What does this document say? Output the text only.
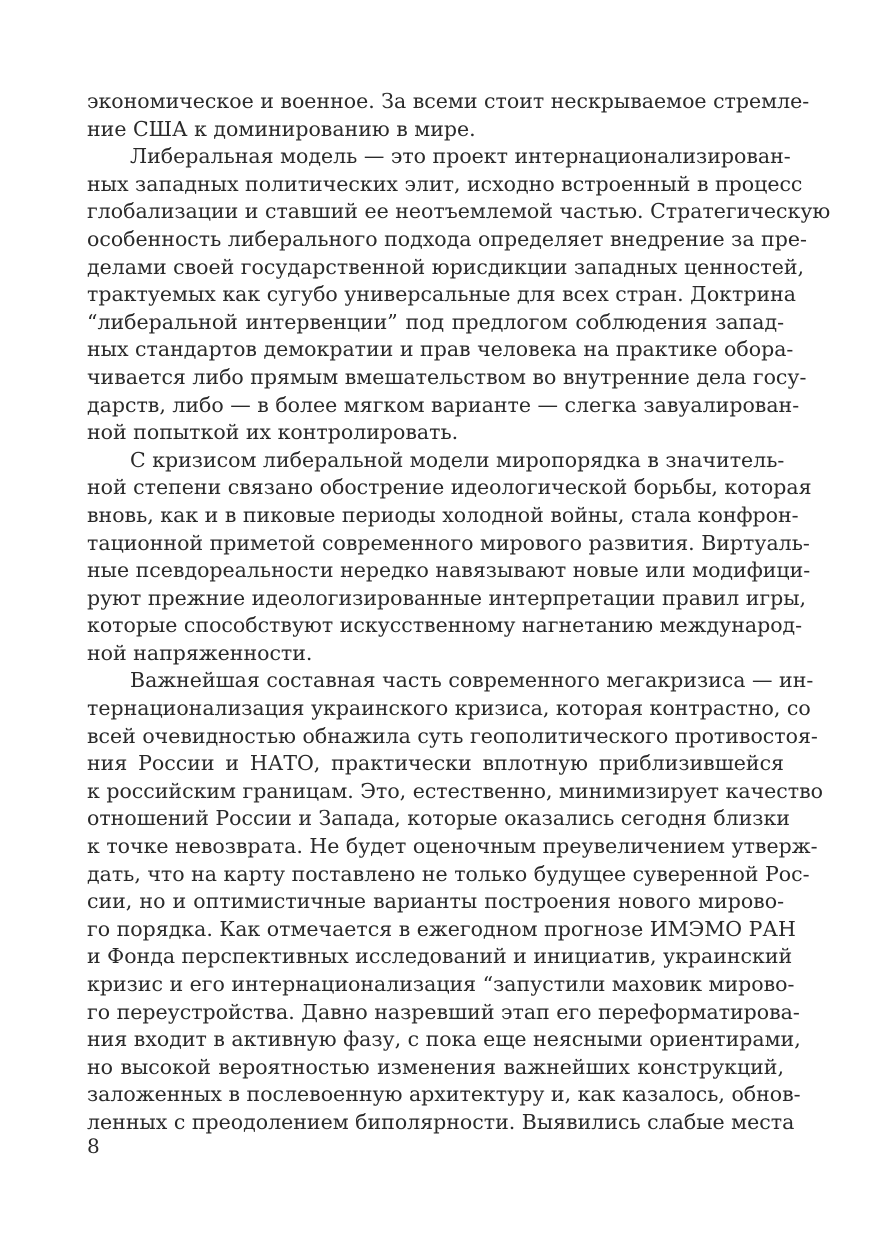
экономическое и военное. За всеми стоит нескрываемое стремле-
ние США к доминированию в мире.

Либеральная модель — это проект интернационализирован-
ных западных политических элит, исходно встроенный в процесс
глобализации и ставший ее неотъемлемой частью. Стратегическую
особенность либерального подхода определяет внедрение за пре-
делами своей государственной юрисдикции западных ценностей,
трактуемых как сугубо универсальные для всех стран. Доктрина
“либеральной интервенции” под предлогом соблюдения запад-
ных стандартов демократии и прав человека на практике обора-
чивается либо прямым вмешательством во внутренние дела госу-
дарств, либо — в более мягком варианте — слегка завуалирован-
ной попыткой их контролировать.

С кризисом либеральной модели миропорядка в значитель-
ной степени связано обострение идеологической борьбы, которая
вновь, как и в пиковые периоды холодной войны, стала конфрон-
тационной приметой современного мирового развития. Виртуаль-
ные псевдореальности нередко навязывают новые или модифици-
руют прежние идеологизированные интерпретации правил игры,
которые способствуют искусственному нагнетанию международ-
ной напряженности.

Важнейшая составная часть современного мегакризиса — ин-
тернационализация украинского кризиса, которая контрастно, со
всей очевидностью обнажила суть геополитического противостоя-
ния России и НАТО, практически вплотную приблизившейся
к российским границам. Это, естественно, минимизирует качество
отношений России и Запада, которые оказались сегодня близки
к точке невозврата. Не будет оценочным преувеличением утверж-
дать, что на карту поставлено не только будущее суверенной Рос-
сии, но и оптимистичные варианты построения нового мирово-
го порядка. Как отмечается в ежегодном прогнозе ИМЭМО РАН
и Фонда перспективных исследований и инициатив, украинский
кризис и его интернационализация “запустили маховик мирово-
го переустройства. Давно назревший этап его переформатирова-
ния входит в активную фазу, с пока еще неясными ориентирами,
но высокой вероятностью изменения важнейших конструкций,
заложенных в послевоенную архитектуру и, как казалось, обнов-
ленных с преодолением биполярности. Выявились слабые места

8
